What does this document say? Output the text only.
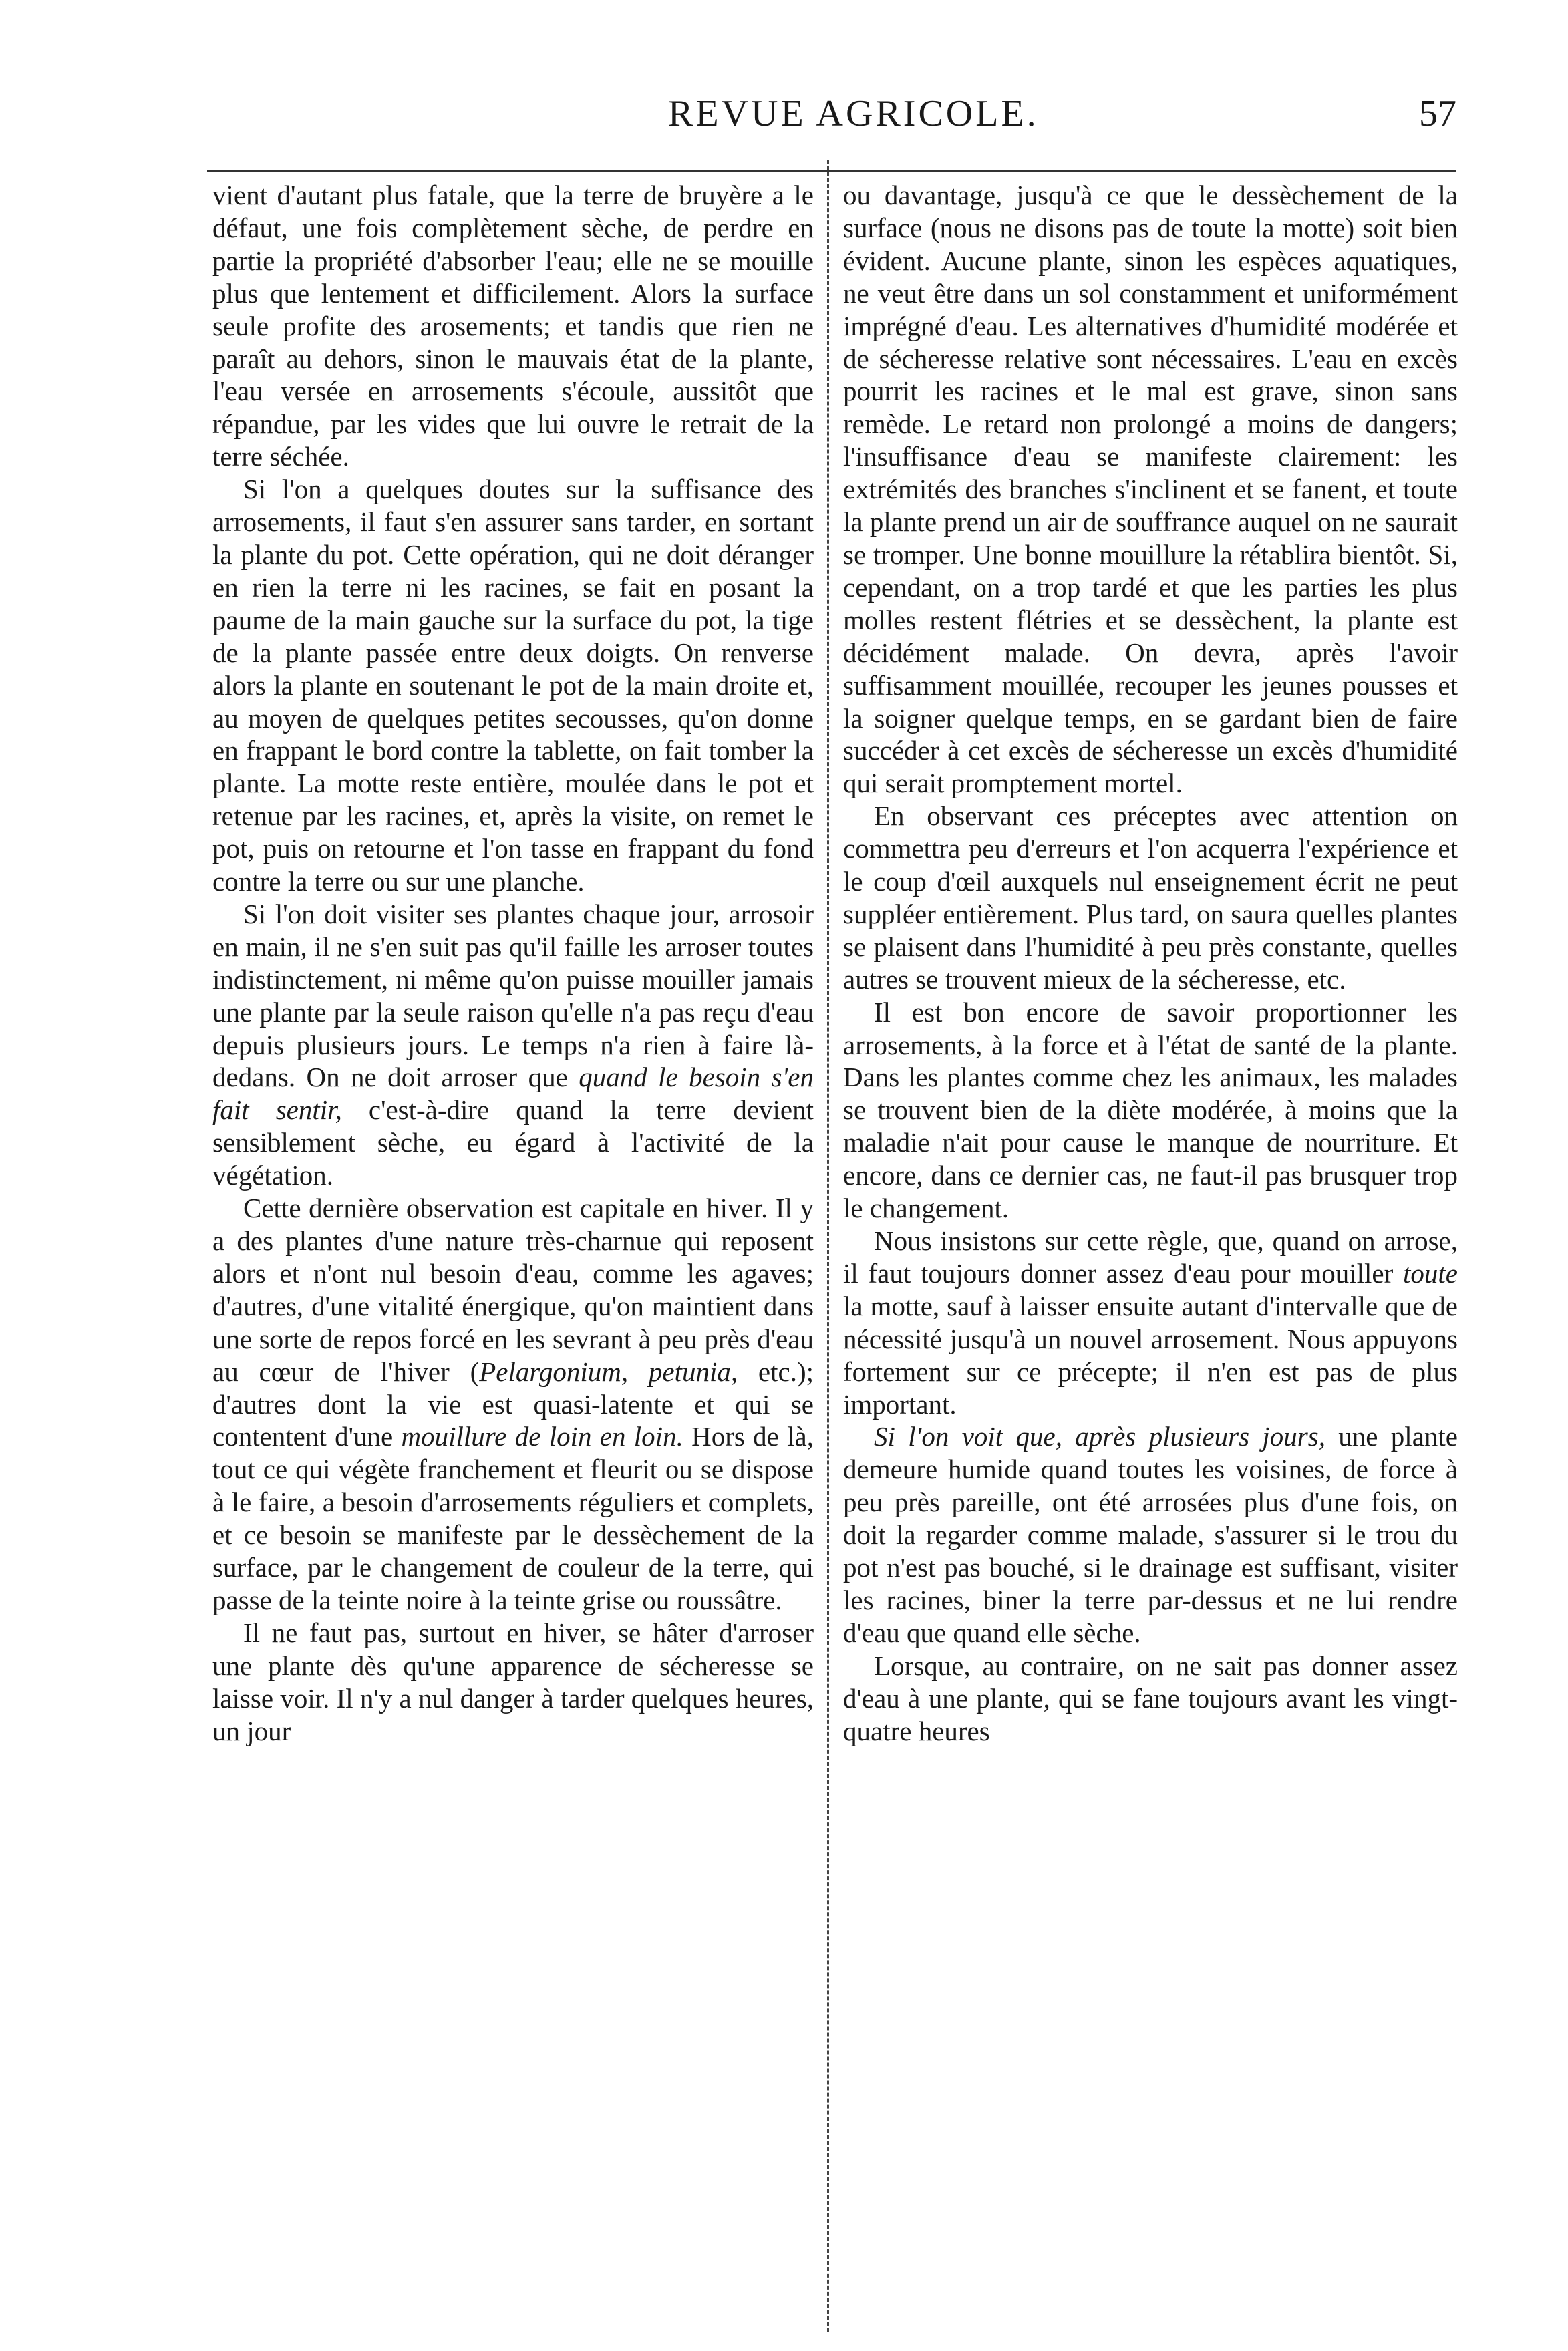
REVUE AGRICOLE.	57

vient d'autant plus fatale, que la terre de bruyère a le défaut, une fois complètement sèche, de perdre en partie la propriété d'absorber l'eau; elle ne se mouille plus que lentement et difficilement. Alors la surface seule profite des arosements; et tandis que rien ne paraît au dehors, sinon le mauvais état de la plante, l'eau versée en arrosements s'écoule, aussitôt que répandue, par les vides que lui ouvre le retrait de la terre séchée.

Si l'on a quelques doutes sur la suffisance des arrosements, il faut s'en assurer sans tarder, en sortant la plante du pot. Cette opération, qui ne doit déranger en rien la terre ni les racines, se fait en posant la paume de la main gauche sur la surface du pot, la tige de la plante passée entre deux doigts. On renverse alors la plante en soutenant le pot de la main droite et, au moyen de quelques petites secousses, qu'on donne en frappant le bord contre la tablette, on fait tomber la plante. La motte reste entière, moulée dans le pot et retenue par les racines, et, après la visite, on remet le pot, puis on retourne et l'on tasse en frappant du fond contre la terre ou sur une planche.

Si l'on doit visiter ses plantes chaque jour, arrosoir en main, il ne s'en suit pas qu'il faille les arroser toutes indistinctement, ni même qu'on puisse mouiller jamais une plante par la seule raison qu'elle n'a pas reçu d'eau depuis plusieurs jours. Le temps n'a rien à faire là-dedans. On ne doit arroser que quand le besoin s'en fait sentir, c'est-à-dire quand la terre devient sensiblement sèche, eu égard à l'activité de la végétation.

Cette dernière observation est capitale en hiver. Il y a des plantes d'une nature très-charnue qui reposent alors et n'ont nul besoin d'eau, comme les agaves; d'autres, d'une vitalité énergique, qu'on maintient dans une sorte de repos forcé en les sevrant à peu près d'eau au cœur de l'hiver (Pelargonium, petunia, etc.); d'autres dont la vie est quasi-latente et qui se contentent d'une mouillure de loin en loin. Hors de là, tout ce qui végète franchement et fleurit ou se dispose à le faire, a besoin d'arrosements réguliers et complets, et ce besoin se manifeste par le dessèchement de la surface, par le changement de couleur de la terre, qui passe de la teinte noire à la teinte grise ou roussâtre.

Il ne faut pas, surtout en hiver, se hâter d'arroser une plante dès qu'une apparence de sécheresse se laisse voir. Il n'y a nul danger à tarder quelques heures, un jour

ou davantage, jusqu'à ce que le dessèchement de la surface (nous ne disons pas de toute la motte) soit bien évident. Aucune plante, sinon les espèces aquatiques, ne veut être dans un sol constamment et uniformément imprégné d'eau. Les alternatives d'humidité modérée et de sécheresse relative sont nécessaires. L'eau en excès pourrit les racines et le mal est grave, sinon sans remède. Le retard non prolongé a moins de dangers; l'insuffisance d'eau se manifeste clairement: les extrémités des branches s'inclinent et se fanent, et toute la plante prend un air de souffrance auquel on ne saurait se tromper. Une bonne mouillure la rétablira bientôt. Si, cependant, on a trop tardé et que les parties les plus molles restent flétries et se dessèchent, la plante est décidément malade. On devra, après l'avoir suffisamment mouillée, recouper les jeunes pousses et la soigner quelque temps, en se gardant bien de faire succéder à cet excès de sécheresse un excès d'humidité qui serait promptement mortel.

En observant ces préceptes avec attention on commettra peu d'erreurs et l'on acquerra l'expérience et le coup d'œil auxquels nul enseignement écrit ne peut suppléer entièrement. Plus tard, on saura quelles plantes se plaisent dans l'humidité à peu près constante, quelles autres se trouvent mieux de la sécheresse, etc.

Il est bon encore de savoir proportionner les arrosements, à la force et à l'état de santé de la plante. Dans les plantes comme chez les animaux, les malades se trouvent bien de la diète modérée, à moins que la maladie n'ait pour cause le manque de nourriture. Et encore, dans ce dernier cas, ne faut-il pas brusquer trop le changement.

Nous insistons sur cette règle, que, quand on arrose, il faut toujours donner assez d'eau pour mouiller toute la motte, sauf à laisser ensuite autant d'intervalle que de nécessité jusqu'à un nouvel arrosement. Nous appuyons fortement sur ce précepte; il n'en est pas de plus important.

Si l'on voit que, après plusieurs jours, une plante demeure humide quand toutes les voisines, de force à peu près pareille, ont été arrosées plus d'une fois, on doit la regarder comme malade, s'assurer si le trou du pot n'est pas bouché, si le drainage est suffisant, visiter les racines, biner la terre par-dessus et ne lui rendre d'eau que quand elle sèche.

Lorsque, au contraire, on ne sait pas donner assez d'eau à une plante, qui se fane toujours avant les vingt-quatre heures
